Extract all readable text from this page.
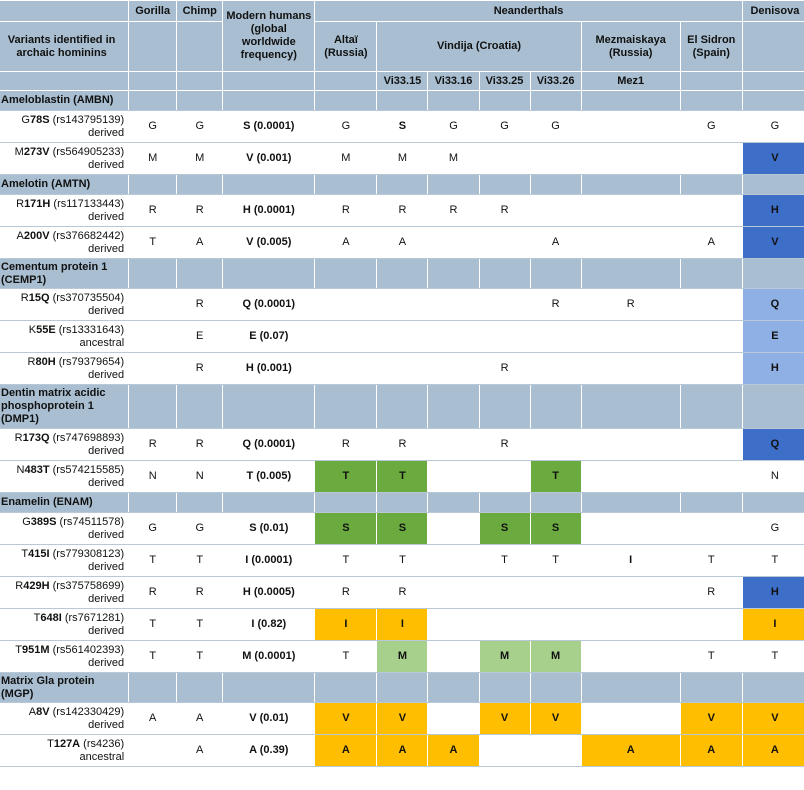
	Gorilla	Chimp	Modern humans
(global worldwide frequency)	Neanderthals							Denisova
Variants identified in archaic hominins				Altaï (Russia)	Vindija (Croatia)				Mezmaiskaya (Russia)	El Sidron (Spain)	
					Vi33.15	Vi33.16	Vi33.25	Vi33.26	Mez1		
Ameloblastin (AMBN)											
G78S (rs143795139)
derived	G	G	S (0.0001)	G	S	G	G	G		G	G
M273V (rs564905233)
derived	M	M	V (0.001)	M	M	M					V
Amelotin (AMTN)											
R171H (rs117133443)
derived	R	R	H (0.0001)	R	R	R	R				H
A200V (rs376682442)
derived	T	A	V (0.005)	A	A			A		A	V
Cementum protein 1 (CEMP1)											
R15Q (rs370735504)
derived		R	Q (0.0001)					R	R		Q
K55E (rs13331643)
ancestral		E	E (0.07)								E
R80H (rs79379654)
derived		R	H (0.001)				R				H
Dentin matrix acidic phosphoprotein 1 (DMP1)											
R173Q (rs747698893)
derived	R	R	Q (0.0001)	R	R		R				Q
N483T (rs574215585)
derived	N	N	T (0.005)	T	T			T			N
Enamelin (ENAM)											
G389S (rs74511578)
derived	G	G	S (0.01)	S	S		S	S			G
T415I (rs779308123)
derived	T	T	I (0.0001)	T	T		T	T	I	T	T
R429H (rs375758699)
derived	R	R	H (0.0005)	R	R					R	H
T648I (rs7671281)
derived	T	T	I (0.82)	I	I						I
T951M (rs561402393)
derived	T	T	M (0.0001)	T	M		M	M		T	T
Matrix Gla protein (MGP)											
A8V (rs142330429)
derived	A	A	V (0.01)	V	V		V	V		V	V
T127A (rs4236)
ancestral		A	A (0.39)	A	A	A			A	A	A
